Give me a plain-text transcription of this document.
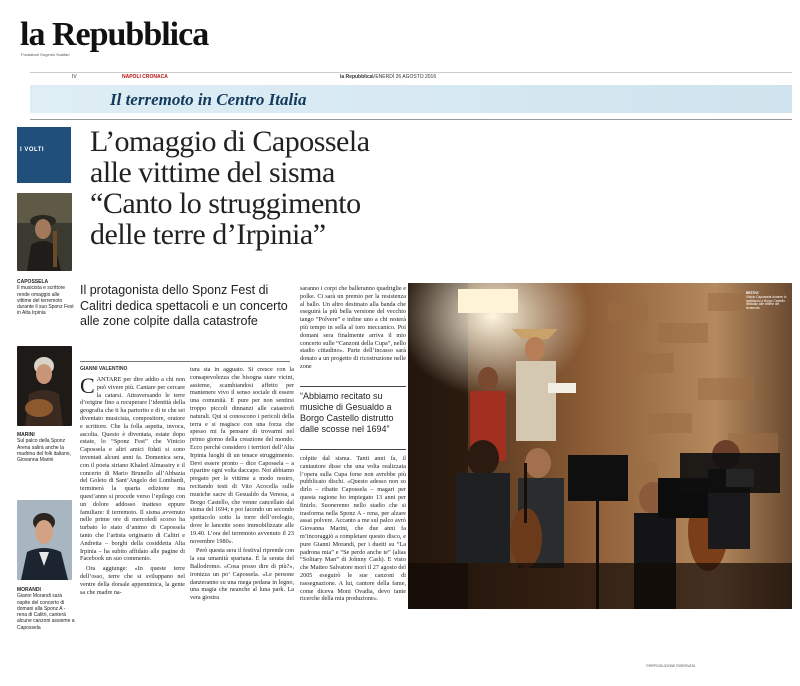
la Repubblica
Fondatore Eugenio Scalfari
IV	NAPOLI CRONACA	la Repubblica VENERDÌ 26 AGOSTO 2016
Il terremoto in Centro Italia
I VOLTI
CAPOSSELA
Il musicista e scrittore rende omaggio alle vittime del terremoto durante il suo Sponz Fest in Alta Irpinia
MARINI
Sul palco della Sponz Arena salirà anche la madrina del folk italiano, Giovanna Marini
MORANDI
Gianni Morandi sarà ospite del concerto di domani alla Sponz A - rena di Calitri, canterà alcune canzoni assieme a Capossela
L’omaggio di Capossela alle vittime del sisma “Canto lo struggimento delle terre d’Irpinia”
Il protagonista dello Sponz Fest di Calitri dedica spettacoli e un concerto alle zone colpite dalla catastrofe
GIANNI VALENTINO
CANTARE per dire addio a chi non può vivere più. Cantare per cercare la catarsi. Attraversando le terre d’origine fino a recuperare l’identità della geografia che ti ha partorito e di te che sei diventato musicista, compositore, oratore e scrittore. Che la folla aspetta, invoca, ascolta. Questo è diventata, estate dopo estate, lo “Sponz Fest” che Vinicio Capossela e altri amici fidati si sono inventati alcuni anni fa. Domenica sera, con il poeta siriano Khaled Almassiry e il concerto di Mario Brunello all’Abbazia del Goleto di Sant’Angelo dei Lombardi, terminerà la quarta edizione ma quest’anno si procede verso l’epilogo con un dolore addosso inatteso eppure familiare: il terremoto. Il sisma avvenuto nelle prime ore di mercoledì scorso ha turbato lo stato d’animo di Capossela tanto che l’artista originario di Calitri e Andretta – borghi della cosiddetta Alta Irpinia – ha subito affidato alle pagine di Facebook un suo commento.
Ora aggiunge: «In queste terre dell’osso, terre che si sviluppano nel ventre della dorsale appenninica, la gente sa che madre na-
tura sta in agguato. Si cresce con la consapevolezza che bisogna stare vicini, assieme, scambiandosi affetto per mantenere vivo il senso sociale di essere una comunità. E pure per non sentirsi troppo piccoli dinnanzi alle catastrofi naturali. Qui si conoscono i pericoli della terra e si reagisce con una forza che spesso mi fa pensare di trovarmi nel primo giorno della creazione del mondo. Ecco perché considero i territori dell’Alta Irpinia luoghi di un tenace struggimento. Devi essere pronto – dice Capossela – a ripartire ogni volta daccapo. Noi abbiamo pregato per le vittime a modo nostro, recitando testi di Vito Acocella sulle musiche sacre di Gesualdo da Venosa, a Borgo Castello, che venne cancellato dal sisma del 1694; e poi facendo un secondo spettacolo sotto la torre dell’orologio, dove le lancette sono immobilizzate alle 19.40. L’ora del terremoto avvenuto il 23 novembre 1980».
Però questa sera il festival riprende con la sua umanità spartana. È la serata del Ballodromo. «Cosa posso dire di più?», ironizza un po’ Capossela. «Le persone danzeranno su una mega pedana in legno, una magia che neanche al luna park. La vera giostra
saranno i corpi che balleranno quadriglie e polke. Ci sarà un premio per la resistenza al ballo. Un altro destinato alla banda che eseguirà la più bella versione del vecchio tango “Polvere” e infine uno a chi resterà più tempo in sella al toro meccanico. Poi domani sera finalmente arriva il mio concerto sulle “Canzoni della Cupa”, nello stadio cittadino». Parte dell’incasso sarà donato a un progetto di ricostruzione nelle zone
“Abbiamo recitato su musiche di Gesualdo a Borgo Castello distrutto dalle scosse nel 1694”
colpite dal sisma. Tanti anni fa, il cantautore disse che una volta realizzata l’opera sulla Cupa forse non avrebbe più pubblicato dischi. «Questo adesso non so dirlo – ribatte Capossela – magari per questa ragione ho impiegato 13 anni per finirlo. Suoneremo nello stadio che si trasforma nella Sponz A - rena, per alzare assai polvere. Accanto a me sul palco avrò Giovanna Marini, che due anni fa m’incoraggiò a completare questo disco, e pure Gianni Morandi, per i duetti su “La padrona mia” e “Se perdo anche te” (alias “Solitary Man” di Johnny Cash). E visto che Matteo Salvatore morì il 27 agosto del 2005 eseguirò le sue canzoni di rassegnazione. A lui, cantore della fame, come diceva Moni Ovadia, devo tante ricerche della mia produzione».
RESTIVI
Vinicio Capossela durante lo spettacolo a Borgo Castello dedicato alle vittime del terremoto
©RIPRODUZIONE RISERVATA
